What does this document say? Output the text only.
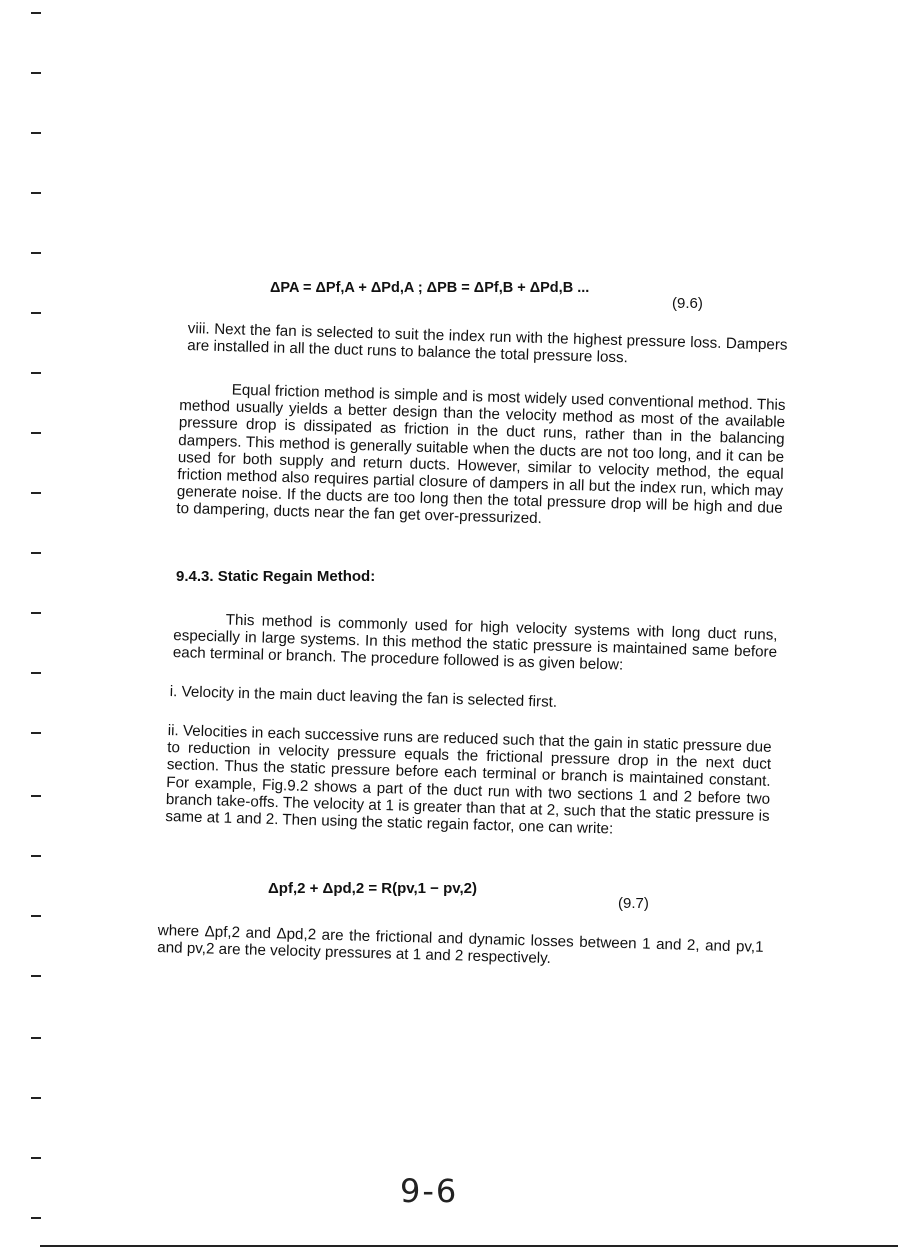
ΔPA = ΔPf,A + ΔPd,A ; ΔPB = ΔPf,B + ΔPd,B ...
(9.6)

viii. Next the fan is selected to suit the index run with the highest pressure loss. Dampers are installed in all the duct runs to balance the total pressure loss.

Equal friction method is simple and is most widely used conventional method. This method usually yields a better design than the velocity method as most of the available pressure drop is dissipated as friction in the duct runs, rather than in the balancing dampers. This method is generally suitable when the ducts are not too long, and it can be used for both supply and return ducts. However, similar to velocity method, the equal friction method also requires partial closure of dampers in all but the index run, which may generate noise. If the ducts are too long then the total pressure drop will be high and due to dampering, ducts near the fan get over-pressurized.

9.4.3. Static Regain Method:

This method is commonly used for high velocity systems with long duct runs, especially in large systems. In this method the static pressure is maintained same before each terminal or branch. The procedure followed is as given below:

i. Velocity in the main duct leaving the fan is selected first.

ii. Velocities in each successive runs are reduced such that the gain in static pressure due to reduction in velocity pressure equals the frictional pressure drop in the next duct section. Thus the static pressure before each terminal or branch is maintained constant. For example, Fig.9.2 shows a part of the duct run with two sections 1 and 2 before two branch take-offs. The velocity at 1 is greater than that at 2, such that the static pressure is same at 1 and 2. Then using the static regain factor, one can write:

Δpf,2 + Δpd,2 = R(pv,1 − pv,2)
(9.7)

where Δpf,2 and Δpd,2 are the frictional and dynamic losses between 1 and 2, and pv,1 and pv,2 are the velocity pressures at 1 and 2 respectively.

9-6
